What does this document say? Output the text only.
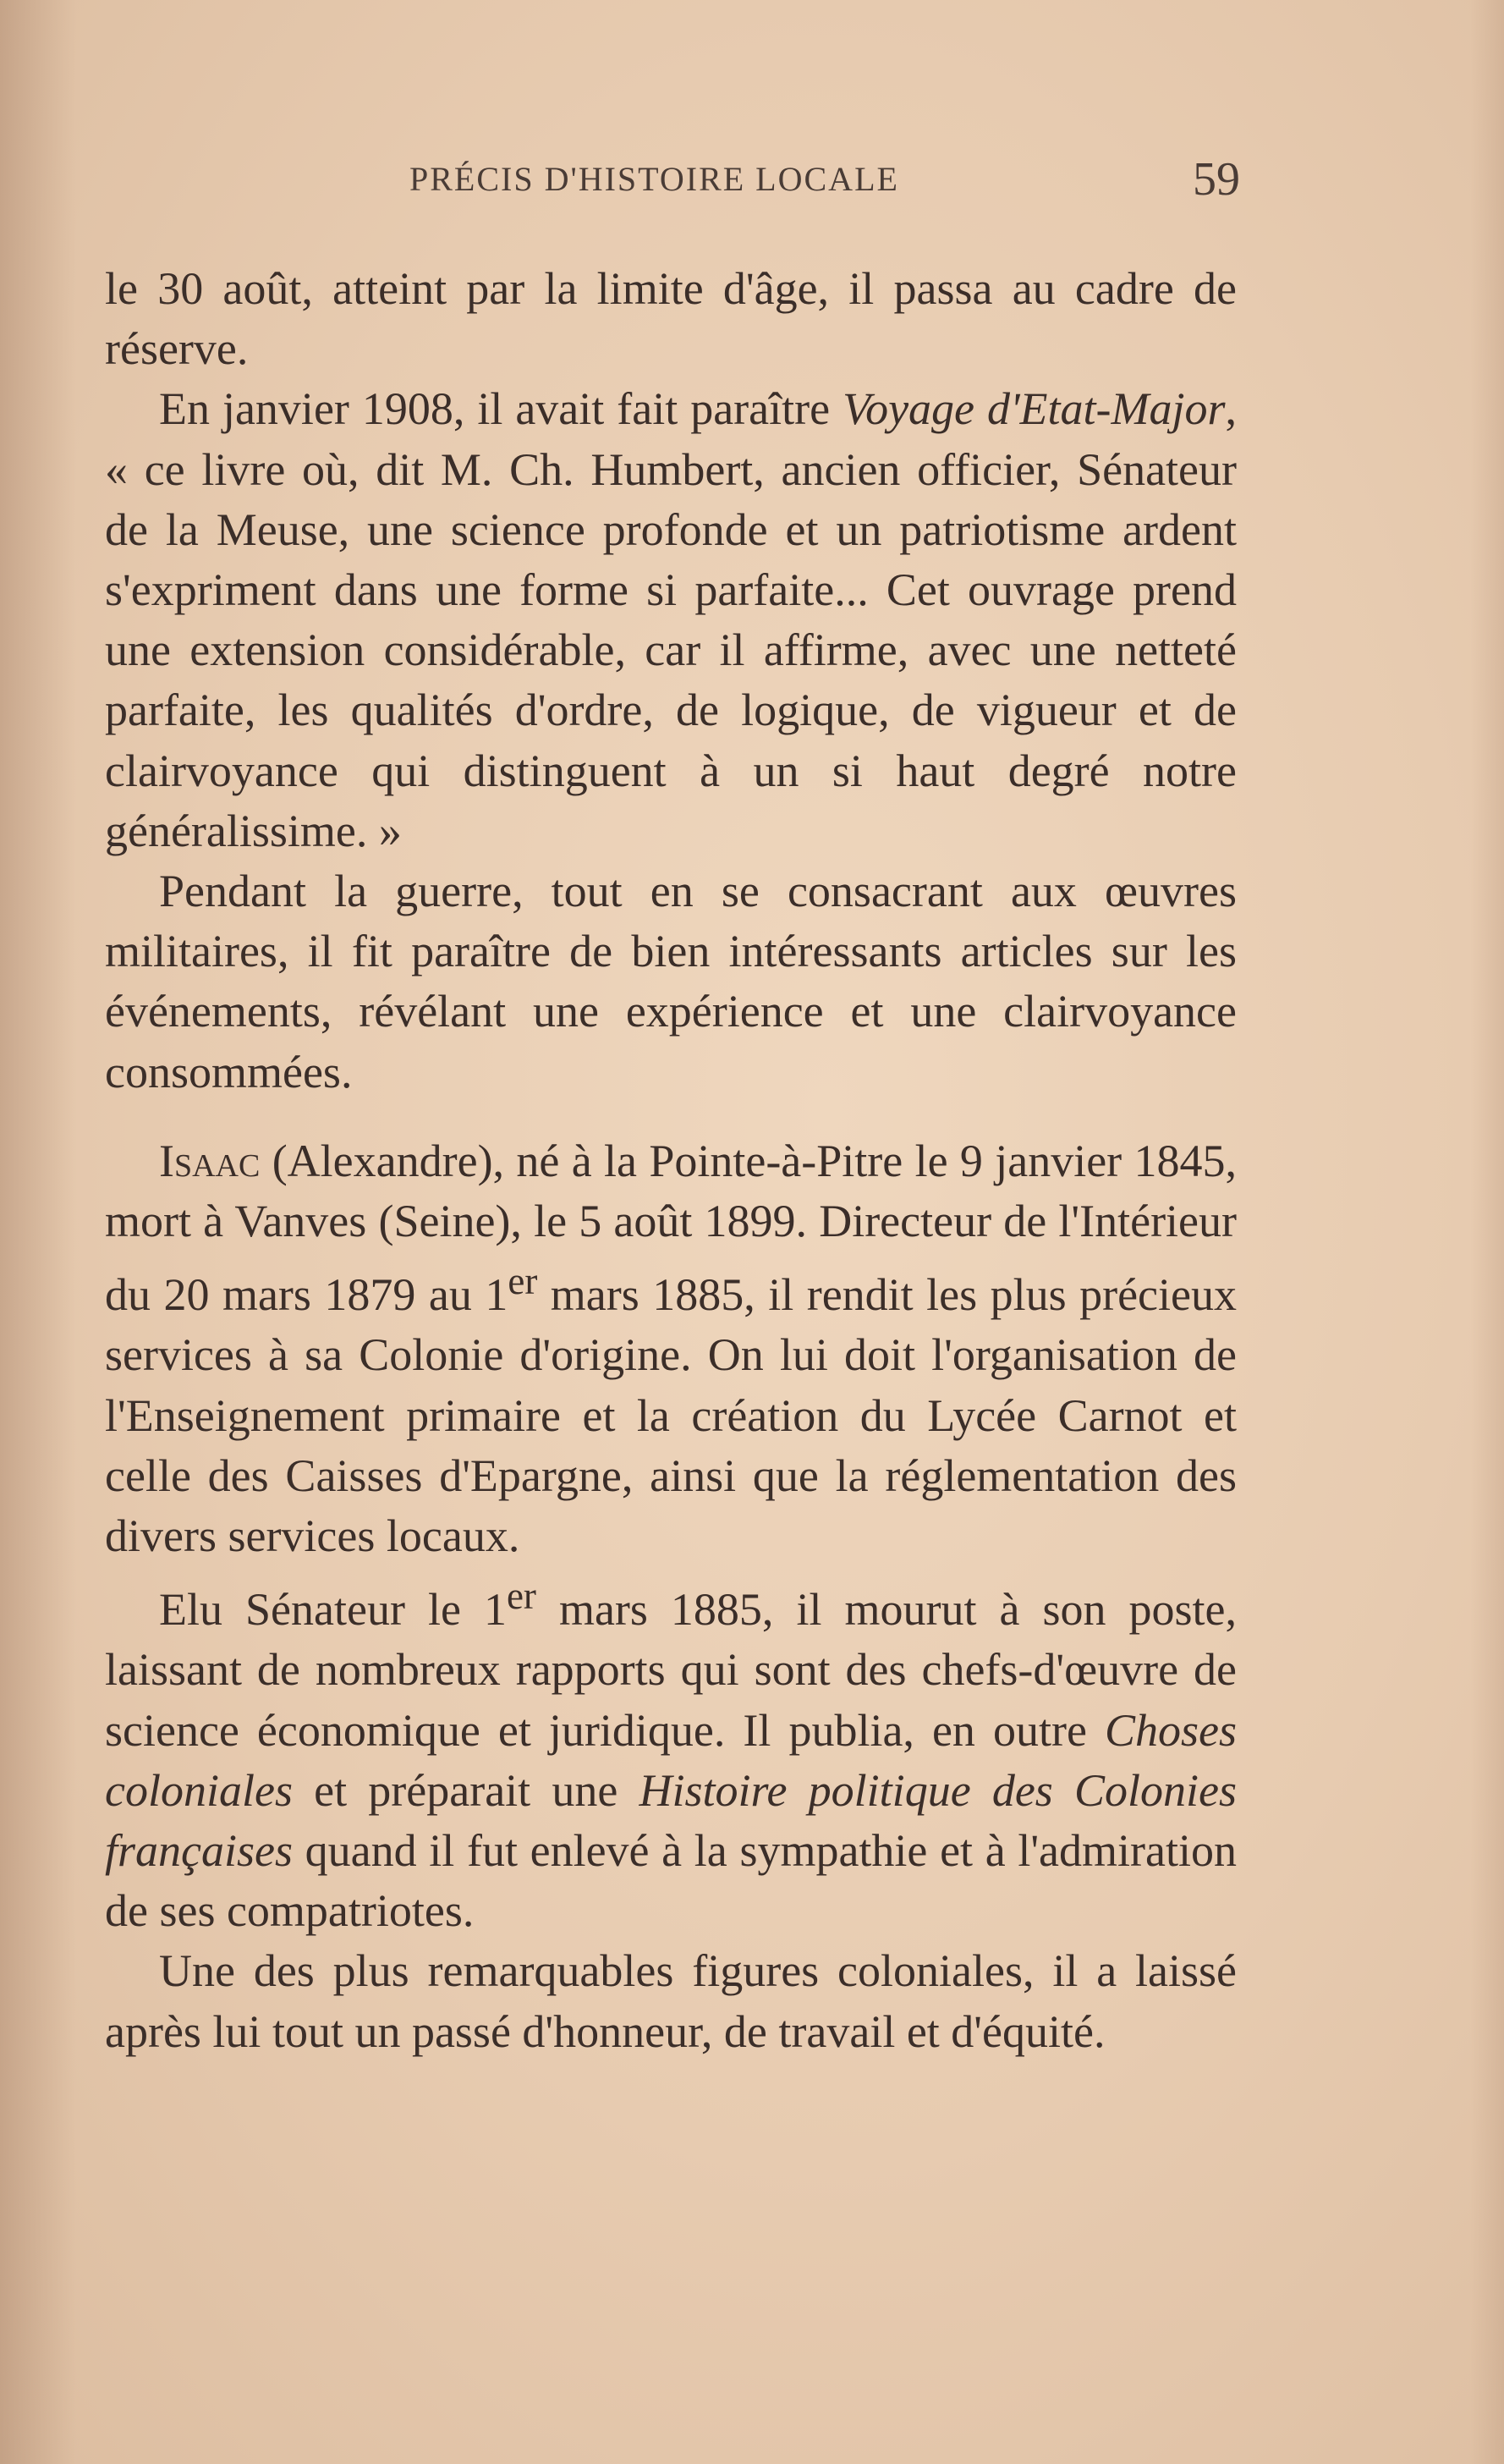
PRÉCIS D'HISTOIRE LOCALE	59

le 30 août, atteint par la limite d'âge, il passa au cadre de réserve.

En janvier 1908, il avait fait paraître Voyage d'Etat-Major, « ce livre où, dit M. Ch. Humbert, ancien officier, Sénateur de la Meuse, une science profonde et un patriotisme ardent s'expriment dans une forme si parfaite... Cet ouvrage prend une extension considérable, car il affirme, avec une netteté parfaite, les qualités d'ordre, de logique, de vigueur et de clairvoyance qui distinguent à un si haut degré notre généralissime. »

Pendant la guerre, tout en se consacrant aux œuvres militaires, il fit paraître de bien intéressants articles sur les événements, révélant une expérience et une clairvoyance consommées.

Isaac (Alexandre), né à la Pointe-à-Pitre le 9 janvier 1845, mort à Vanves (Seine), le 5 août 1899. Directeur de l'Intérieur du 20 mars 1879 au 1er mars 1885, il rendit les plus précieux services à sa Colonie d'origine. On lui doit l'organisation de l'Enseignement primaire et la création du Lycée Carnot et celle des Caisses d'Epargne, ainsi que la réglementation des divers services locaux.

Elu Sénateur le 1er mars 1885, il mourut à son poste, laissant de nombreux rapports qui sont des chefs-d'œuvre de science économique et juridique. Il publia, en outre Choses coloniales et préparait une Histoire politique des Colonies françaises quand il fut enlevé à la sympathie et à l'admiration de ses compatriotes.

Une des plus remarquables figures coloniales, il a laissé après lui tout un passé d'honneur, de travail et d'équité.
